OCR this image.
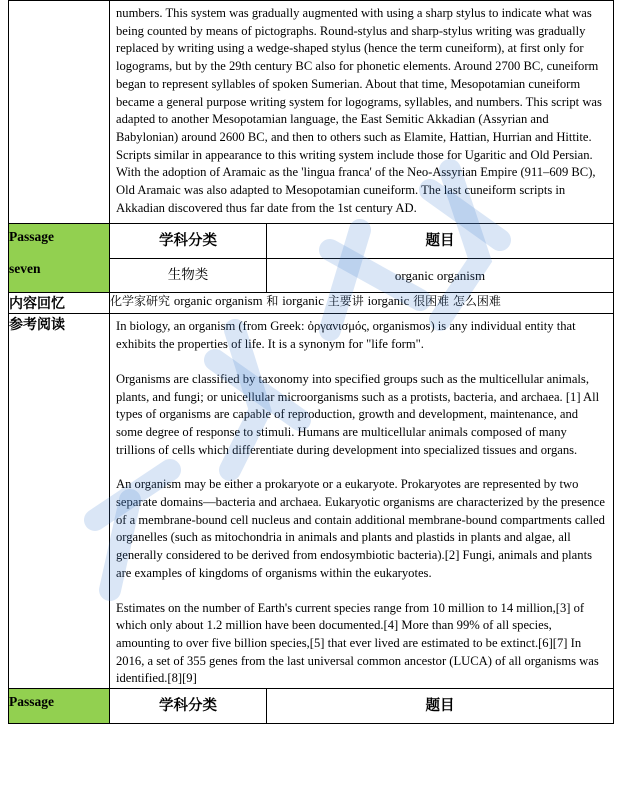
	numbers. This system was gradually augmented with using a sharp stylus to indicate what was being counted by means of pictographs. Round-stylus and sharp-stylus writing was gradually replaced by writing using a wedge-shaped stylus (hence the term cuneiform), at first only for logograms, but by the 29th century BC also for phonetic elements. Around 2700 BC, cuneiform began to represent syllables of spoken Sumerian. About that time, Mesopotamian cuneiform became a general purpose writing system for logograms, syllables, and numbers. This script was adapted to another Mesopotamian language, the East Semitic Akkadian (Assyrian and Babylonian) around 2600 BC, and then to others such as Elamite, Hattian, Hurrian and Hittite. Scripts similar in appearance to this writing system include those for Ugaritic and Old Persian. With the adoption of Aramaic as the 'lingua franca' of the Neo-Assyrian Empire (911–609 BC), Old Aramaic was also adapted to Mesopotamian cuneiform. The last cuneiform scripts in Akkadian discovered thus far date from the 1st century AD.	

Passage
seven	学科分类	题目
	生物类	organic organism
内容回忆	化学家研究 organic organism 和 iorganic 主要讲 iorganic 很困难 怎么困难	
参考阅读	In biology, an organism (from Greek: ὀργανισμός, organismos) is any individual entity that exhibits the properties of life. It is a synonym for "life form".

Organisms are classified by taxonomy into specified groups such as the multicellular animals, plants, and fungi; or unicellular microorganisms such as a protists, bacteria, and archaea. [1] All types of organisms are capable of reproduction, growth and development, maintenance, and some degree of response to stimuli. Humans are multicellular animals composed of many trillions of cells which differentiate during development into specialized tissues and organs.

An organism may be either a prokaryote or a eukaryote. Prokaryotes are represented by two separate domains—bacteria and archaea. Eukaryotic organisms are characterized by the presence of a membrane-bound cell nucleus and contain additional membrane-bound compartments called organelles (such as mitochondria in animals and plants and plastids in plants and algae, all generally considered to be derived from endosymbiotic bacteria).[2] Fungi, animals and plants are examples of kingdoms of organisms within the eukaryotes.

Estimates on the number of Earth's current species range from 10 million to 14 million,[3] of which only about 1.2 million have been documented.[4] More than 99% of all species, amounting to over five billion species,[5] that ever lived are estimated to be extinct.[6][7] In 2016, a set of 355 genes from the last universal common ancestor (LUCA) of all organisms was identified.[8][9]	

Passage	学科分类	题目
